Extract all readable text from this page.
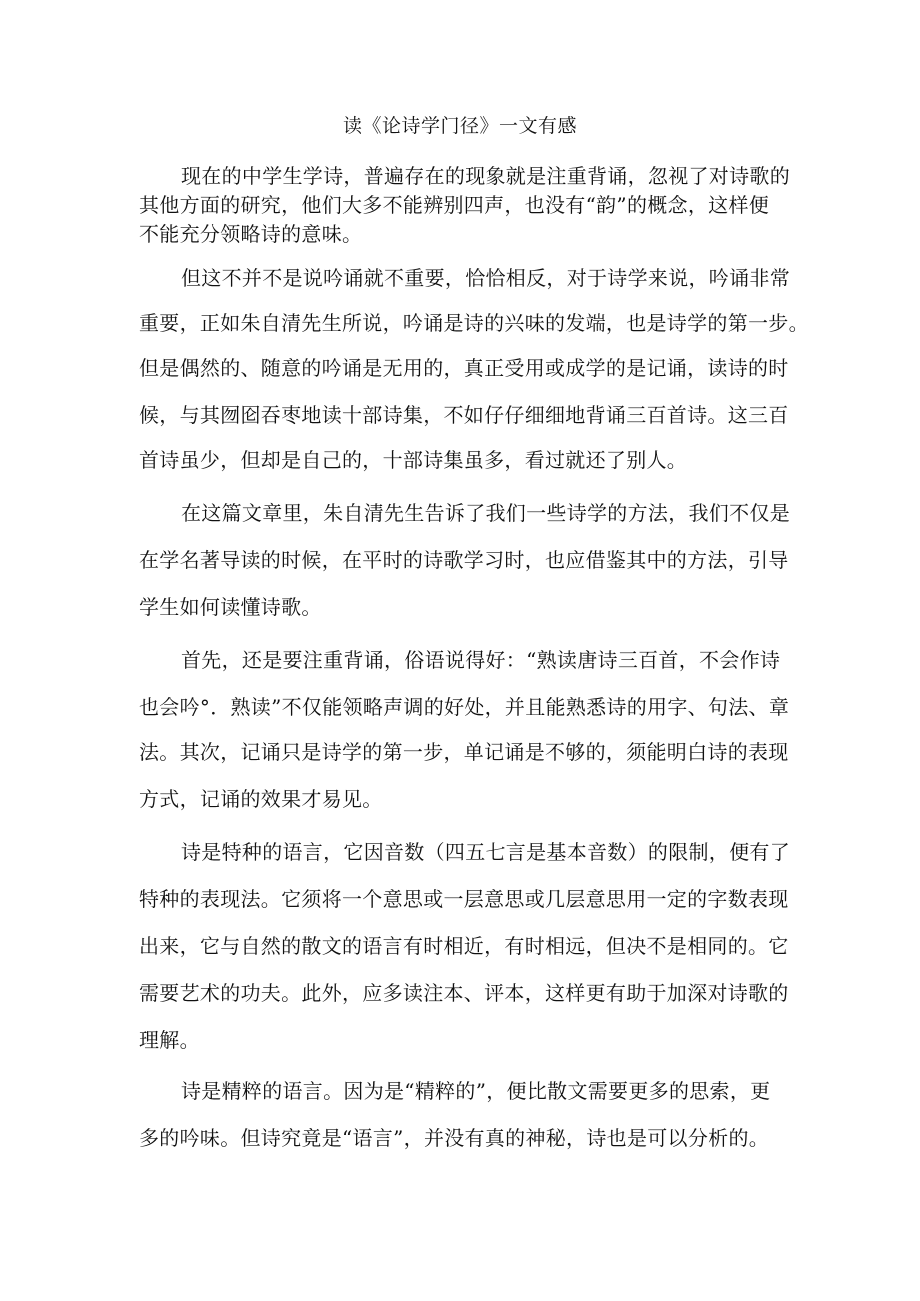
读《论诗学门径》一文有感
现在的中学生学诗，普遍存在的现象就是注重背诵，忽视了对诗歌的
其他方面的研究，他们大多不能辨别四声，也没有“韵”的概念，这样便
不能充分领略诗的意味。
但这不并不是说吟诵就不重要，恰恰相反，对于诗学来说，吟诵非常
重要，正如朱自清先生所说，吟诵是诗的兴味的发端，也是诗学的第一步。
但是偶然的、随意的吟诵是无用的，真正受用或成学的是记诵，读诗的时
候，与其囫囵吞枣地读十部诗集，不如仔仔细细地背诵三百首诗。这三百
首诗虽少，但却是自己的，十部诗集虽多，看过就还了别人。
在这篇文章里，朱自清先生告诉了我们一些诗学的方法，我们不仅是
在学名著导读的时候，在平时的诗歌学习时，也应借鉴其中的方法，引导
学生如何读懂诗歌。
首先，还是要注重背诵，俗语说得好：“熟读唐诗三百首，不会作诗
也会吟°．熟读”不仅能领略声调的好处，并且能熟悉诗的用字、句法、章
法。其次，记诵只是诗学的第一步，单记诵是不够的，须能明白诗的表现
方式，记诵的效果才易见。
诗是特种的语言，它因音数（四五七言是基本音数）的限制，便有了
特种的表现法。它须将一个意思或一层意思或几层意思用一定的字数表现
出来，它与自然的散文的语言有时相近，有时相远，但决不是相同的。它
需要艺术的功夫。此外，应多读注本、评本，这样更有助于加深对诗歌的
理解。
诗是精粹的语言。因为是“精粹的”，便比散文需要更多的思索，更
多的吟味。但诗究竟是“语言”，并没有真的神秘，诗也是可以分析的。
